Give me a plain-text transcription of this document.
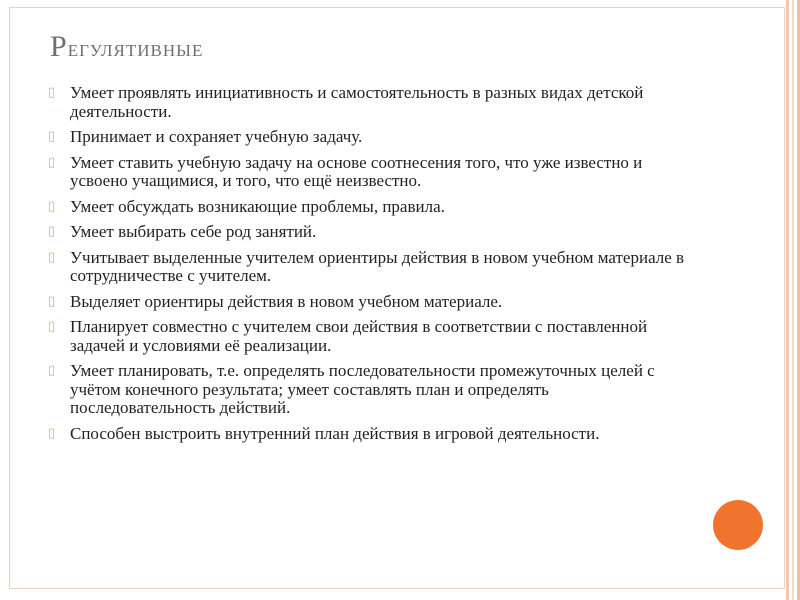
Регулятивные
▯ Умеет проявлять инициативность и самостоятельность в разных видах детской деятельности.
▯ Принимает и сохраняет учебную задачу.
▯ Умеет ставить учебную задачу на основе соотнесения того, что уже известно и усвоено учащимися, и того, что ещё неизвестно.
▯ Умеет обсуждать возникающие проблемы, правила.
▯ Умеет выбирать себе род занятий.
▯ Учитывает выделенные учителем ориентиры действия в новом учебном материале в сотрудничестве с учителем.
▯ Выделяет ориентиры действия в новом учебном материале.
▯ Планирует совместно с учителем свои действия в соответствии с поставленной задачей и условиями её реализации.
▯ Умеет планировать, т.е. определять последовательности промежуточных целей с учётом конечного результата; умеет составлять план и определять последовательность действий.
▯ Способен выстроить внутренний план действия в игровой деятельности.
